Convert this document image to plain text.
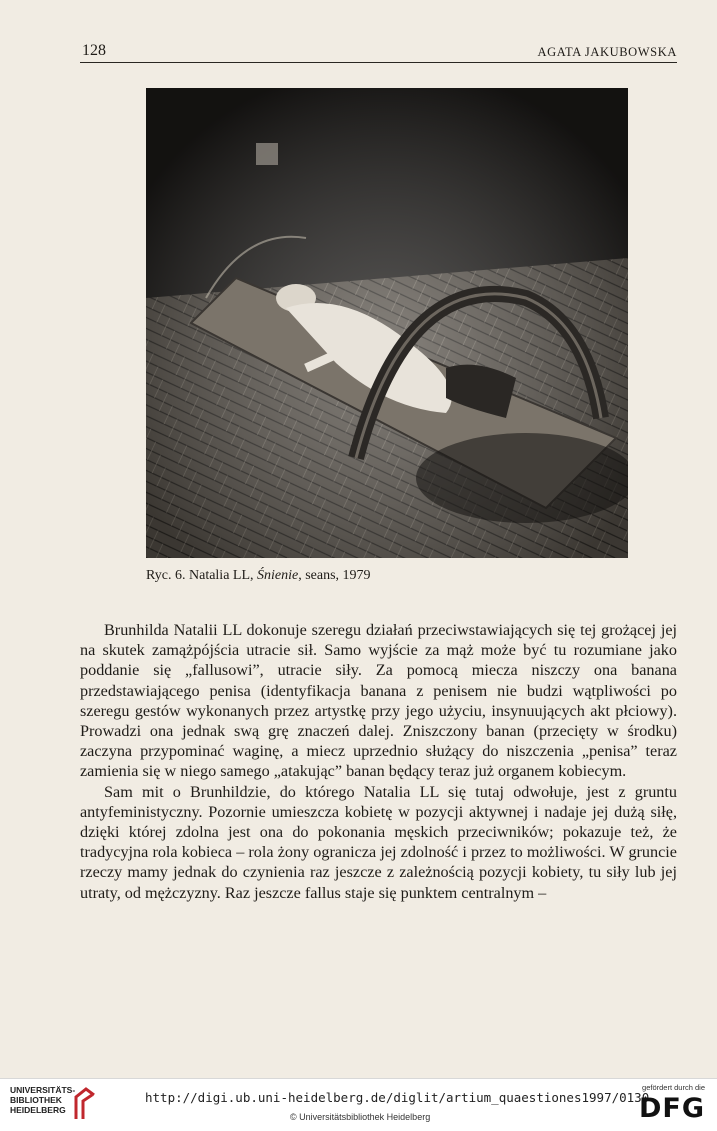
128	AGATA JAKUBOWSKA
Ryc. 6. Natalia LL, Śnienie, seans, 1979

Brunhilda Natalii LL dokonuje szeregu działań przeciwstawiających się tej grożącej jej na skutek zamążpójścia utracie sił. Samo wyjście za mąż może być tu rozumiane jako poddanie się „fallusowi”, utracie siły. Za pomocą miecza niszczy ona banana przedstawiającego penisa (identyfikacja banana z penisem nie budzi wątpliwości po szeregu gestów wykonanych przez artystkę przy jego użyciu, insynuujących akt płciowy). Prowadzi ona jednak swą grę znaczeń dalej. Zniszczony banan (przecięty w środku) zaczyna przypominać waginę, a miecz uprzednio służący do niszczenia „penisa” teraz zamienia się w niego samego „atakując” banan będący teraz już organem kobiecym.

Sam mit o Brunhildzie, do którego Natalia LL się tutaj odwołuje, jest z gruntu antyfeministyczny. Pozornie umieszcza kobietę w pozycji aktywnej i nadaje jej dużą siłę, dzięki której zdolna jest ona do pokonania męskich przeciwników; pokazuje też, że tradycyjna rola kobieca – rola żony ogranicza jej zdolność i przez to możliwości. W gruncie rzeczy mamy jednak do czynienia raz jeszcze z zależnością pozycji kobiety, tu siły lub jej utraty, od mężczyzny. Raz jeszcze fallus staje się punktem centralnym –

UNIVERSITÄTS-
BIBLIOTHEK
HEIDELBERG
http://digi.ub.uni-heidelberg.de/diglit/artium_quaestiones1997/0130
© Universitätsbibliothek Heidelberg
gefördert durch die
DFG
